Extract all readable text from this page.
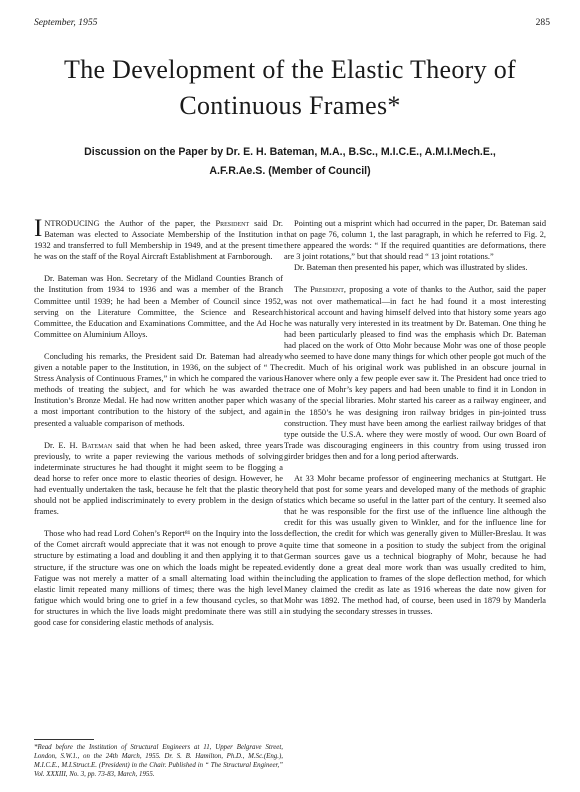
September, 1955	285
The Development of the Elastic Theory of
Continuous Frames*
Discussion on the Paper by Dr. E. H. Bateman, M.A., B.Sc., M.I.C.E., A.M.I.Mech.E.,
A.F.R.Ae.S. (Member of Council)

INTRODUCING the Author of the paper, the President said Dr. Bateman was elected to Associate Membership of the Institution in 1932 and transferred to full Membership in 1949, and at the present time he was on the staff of the Royal Aircraft Establishment at Farnborough.

Dr. Bateman was Hon. Secretary of the Midland Counties Branch of the Institution from 1934 to 1936 and was a member of the Branch Committee until 1939; he had been a Member of Council since 1952, serving on the Literature Committee, the Science and Research Committee, the Education and Examinations Committee, and the Ad Hoc Committee on Aluminium Alloys.

Concluding his remarks, the President said Dr. Bateman had already given a notable paper to the Institution, in 1936, on the subject of “ The Stress Analysis of Continuous Frames,” in which he compared the various methods of treating the subject, and for which he was awarded the Institution’s Bronze Medal. He had now written another paper which was a most important contribution to the history of the subject, and again presented a valuable comparison of methods.

Dr. E. H. Bateman said that when he had been asked, three years previously, to write a paper reviewing the various methods of solving indeterminate structures he had thought it might seem to be flogging a dead horse to refer once more to elastic theories of design. However, he had eventually undertaken the task, because he felt that the plastic theory should not be applied indiscriminately to every problem in the design of frames.

Those who had read Lord Cohen’s Report⁸¹ on the Inquiry into the loss of the Comet aircraft would appreciate that it was not enough to prove a structure by estimating a load and doubling it and then applying it to that structure, if the structure was one on which the loads might be repeated. Fatigue was not merely a matter of a small alternating load within the elastic limit repeated many millions of times; there was the high level fatigue which would bring one to grief in a few thousand cycles, so that for structures in which the live loads might predominate there was still a good case for considering elastic methods of analysis.

Pointing out a misprint which had occurred in the paper, Dr. Bateman said that on page 76, column 1, the last paragraph, in which he referred to Fig. 2, there appeared the words: “ If the required quantities are deformations, there are 3 joint rotations,” but that should read “ 13 joint rotations.”

Dr. Bateman then presented his paper, which was illustrated by slides.

The President, proposing a vote of thanks to the Author, said the paper was not over mathematical—in fact he had found it a most interesting historical account and having himself delved into that history some years ago he was naturally very interested in its treatment by Dr. Bateman. One thing he had been particularly pleased to find was the emphasis which Dr. Bateman had placed on the work of Otto Mohr because Mohr was one of those people who seemed to have done many things for which other people got much of the credit. Much of his original work was published in an obscure journal in Hanover where only a few people ever saw it. The President had once tried to trace one of Mohr’s key papers and had been unable to find it in London in any of the special libraries. Mohr started his career as a railway engineer, and in the 1850’s he was designing iron railway bridges in pin-jointed truss construction. They must have been among the earliest railway bridges of that type outside the U.S.A. where they were mostly of wood. Our own Board of Trade was discouraging engineers in this country from using trussed iron girder bridges then and for a long period afterwards.

At 33 Mohr became professor of engineering mechanics at Stuttgart. He held that post for some years and developed many of the methods of graphic statics which became so useful in the latter part of the century. It seemed also that he was responsible for the first use of the influence line although the credit for this was usually given to Winkler, and for the influence line for deflection, the credit for which was generally given to Müller-Breslau. It was quite time that someone in a position to study the subject from the original German sources gave us a technical biography of Mohr, because he had evidently done a great deal more work than was usually credited to him, including the application to frames of the slope deflection method, for which Maney claimed the credit as late as 1916 whereas the date now given for Mohr was 1892. The method had, of course, been used in 1879 by Manderla in studying the secondary stresses in trusses.

*Read before the Institution of Structural Engineers at 11, Upper Belgrave Street, London, S.W.1., on the 24th March, 1955. Dr. S. B. Hamilton, Ph.D., M.Sc.(Eng.), M.I.C.E., M.I.Struct.E. (President) in the Chair. Published in “ The Structural Engineer,” Vol. XXXIII, No. 3, pp. 73-83, March, 1955.
